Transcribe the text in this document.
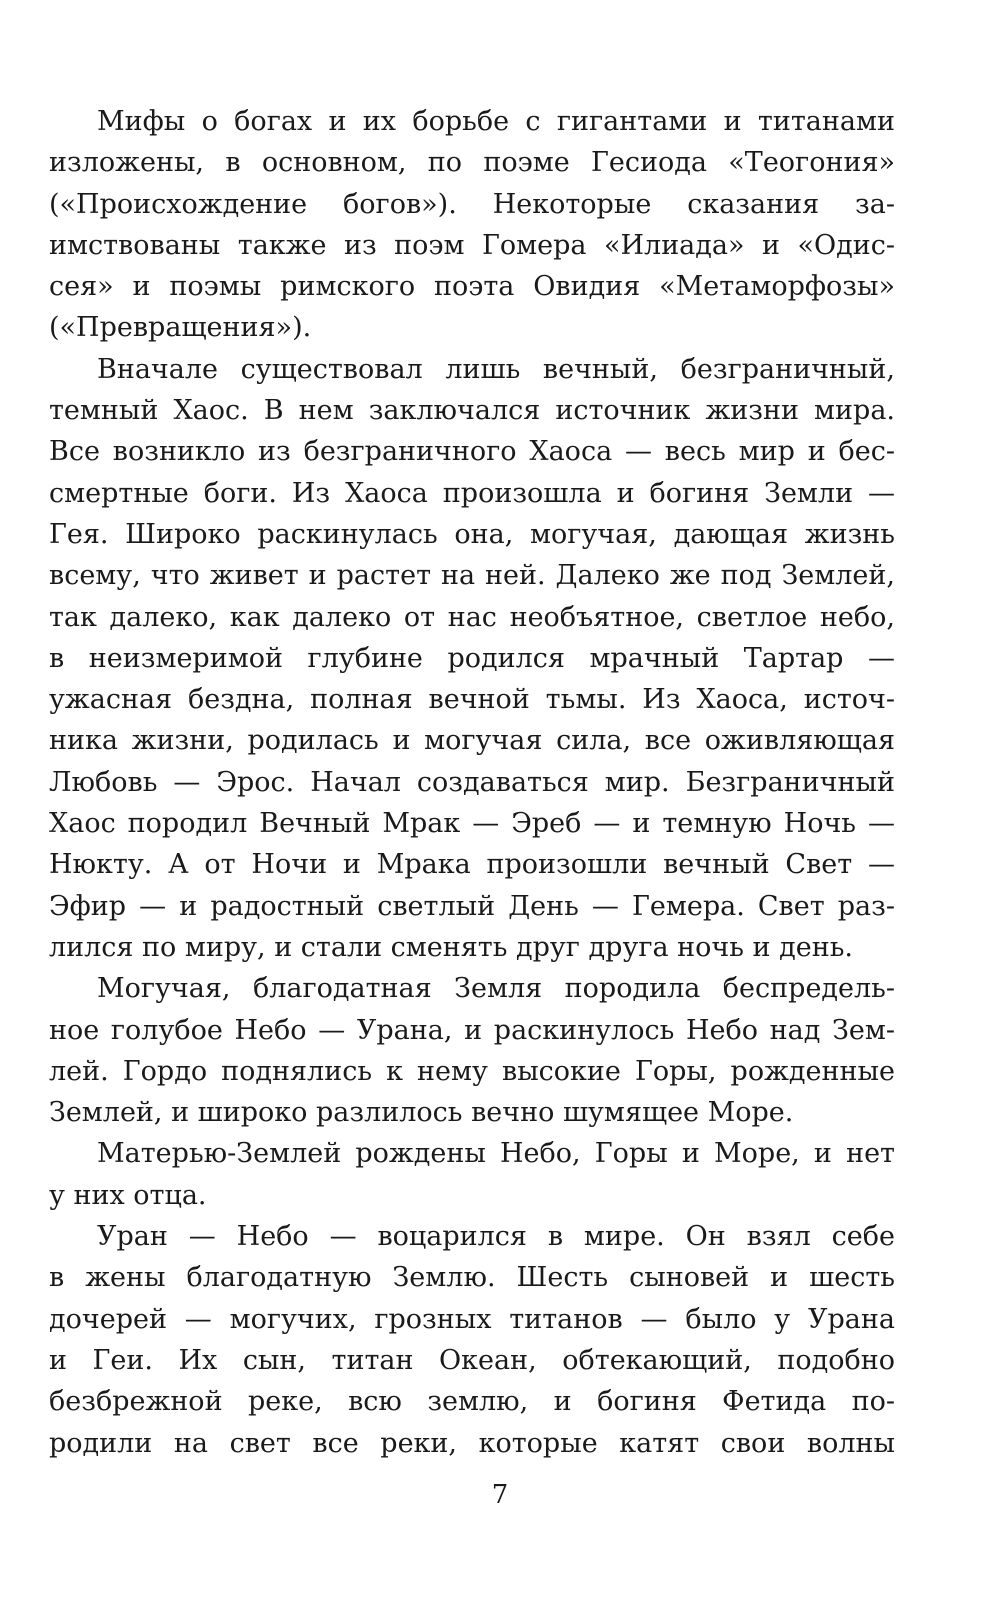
Мифы о богах и их борьбе с гигантами и титанами
изложены, в основном, по поэме Гесиода «Теогония»
(«Происхождение богов»). Некоторые сказания за-
имствованы также из поэм Гомера «Илиада» и «Одис-
сея» и поэмы римского поэта Овидия «Метаморфозы»
(«Превращения»).
Вначале существовал лишь вечный, безграничный,
темный Хаос. В нем заключался источник жизни мира.
Все возникло из безграничного Хаоса — весь мир и бес-
смертные боги. Из Хаоса произошла и богиня Земли —
Гея. Широко раскинулась она, могучая, дающая жизнь
всему, что живет и растет на ней. Далеко же под Землей,
так далеко, как далеко от нас необъятное, светлое небо,
в неизмеримой глубине родился мрачный Тартар —
ужасная бездна, полная вечной тьмы. Из Хаоса, источ-
ника жизни, родилась и могучая сила, все оживляющая
Любовь — Эрос. Начал создаваться мир. Безграничный
Хаос породил Вечный Мрак — Эреб — и темную Ночь —
Нюкту. А от Ночи и Мрака произошли вечный Свет —
Эфир — и радостный светлый День — Гемера. Свет раз-
лился по миру, и стали сменять друг друга ночь и день.
Могучая, благодатная Земля породила беспредель-
ное голубое Небо — Урана, и раскинулось Небо над Зем-
лей. Гордо поднялись к нему высокие Горы, рожденные
Землей, и широко разлилось вечно шумящее Море.
Матерью-Землей рождены Небо, Горы и Море, и нет
у них отца.
Уран — Небо — воцарился в мире. Он взял себе
в жены благодатную Землю. Шесть сыновей и шесть
дочерей — могучих, грозных титанов — было у Урана
и Геи. Их сын, титан Океан, обтекающий, подобно
безбрежной реке, всю землю, и богиня Фетида по-
родили на свет все реки, которые катят свои волны
7
